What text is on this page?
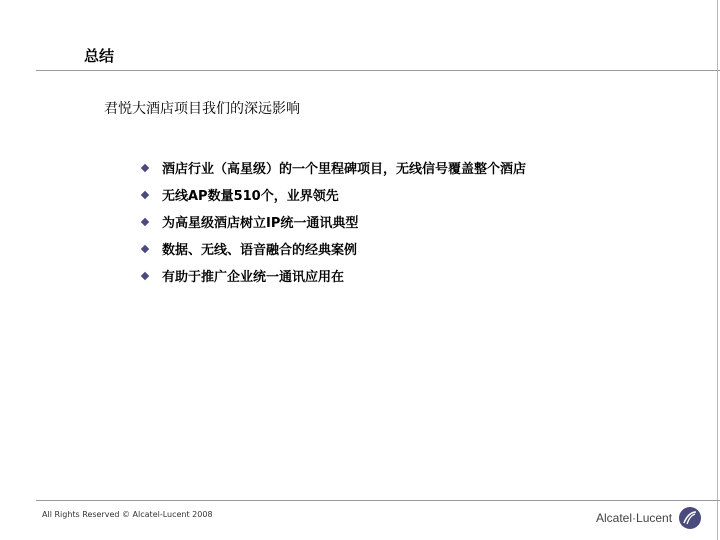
总结
君悦大酒店项目我们的深远影响
酒店行业（高星级）的一个里程碑项目，无线信号覆盖整个酒店
无线AP数量510个，业界领先
为高星级酒店树立IP统一通讯典型
数据、无线、语音融合的经典案例
有助于推广企业统一通讯应用在
All Rights Reserved © Alcatel-Lucent 2008	Alcatel·Lucent
